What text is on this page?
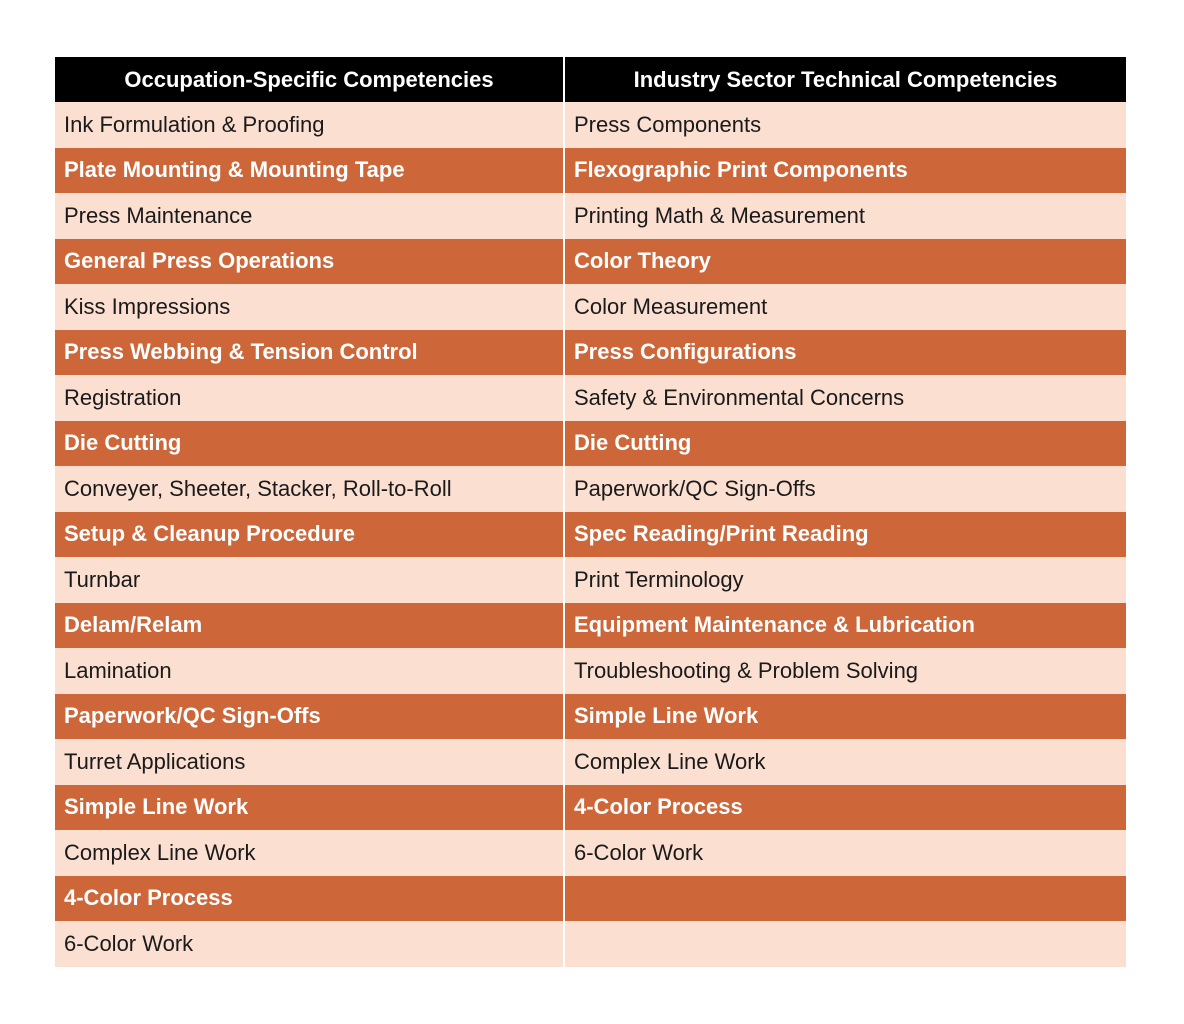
Occupation-Specific Competencies	Industry Sector Technical Competencies
Ink Formulation & Proofing	Press Components
Plate Mounting & Mounting Tape	Flexographic Print Components
Press Maintenance	Printing Math & Measurement
General Press Operations	Color Theory
Kiss Impressions	Color Measurement
Press Webbing & Tension Control	Press Configurations
Registration	Safety & Environmental Concerns
Die Cutting	Die Cutting
Conveyer, Sheeter, Stacker, Roll-to-Roll	Paperwork/QC Sign-Offs
Setup & Cleanup Procedure	Spec Reading/Print Reading
Turnbar	Print Terminology
Delam/Relam	Equipment Maintenance & Lubrication
Lamination	Troubleshooting & Problem Solving
Paperwork/QC Sign-Offs	Simple Line Work
Turret Applications	Complex Line Work
Simple Line Work	4-Color Process
Complex Line Work	6-Color Work
4-Color Process	
6-Color Work	
